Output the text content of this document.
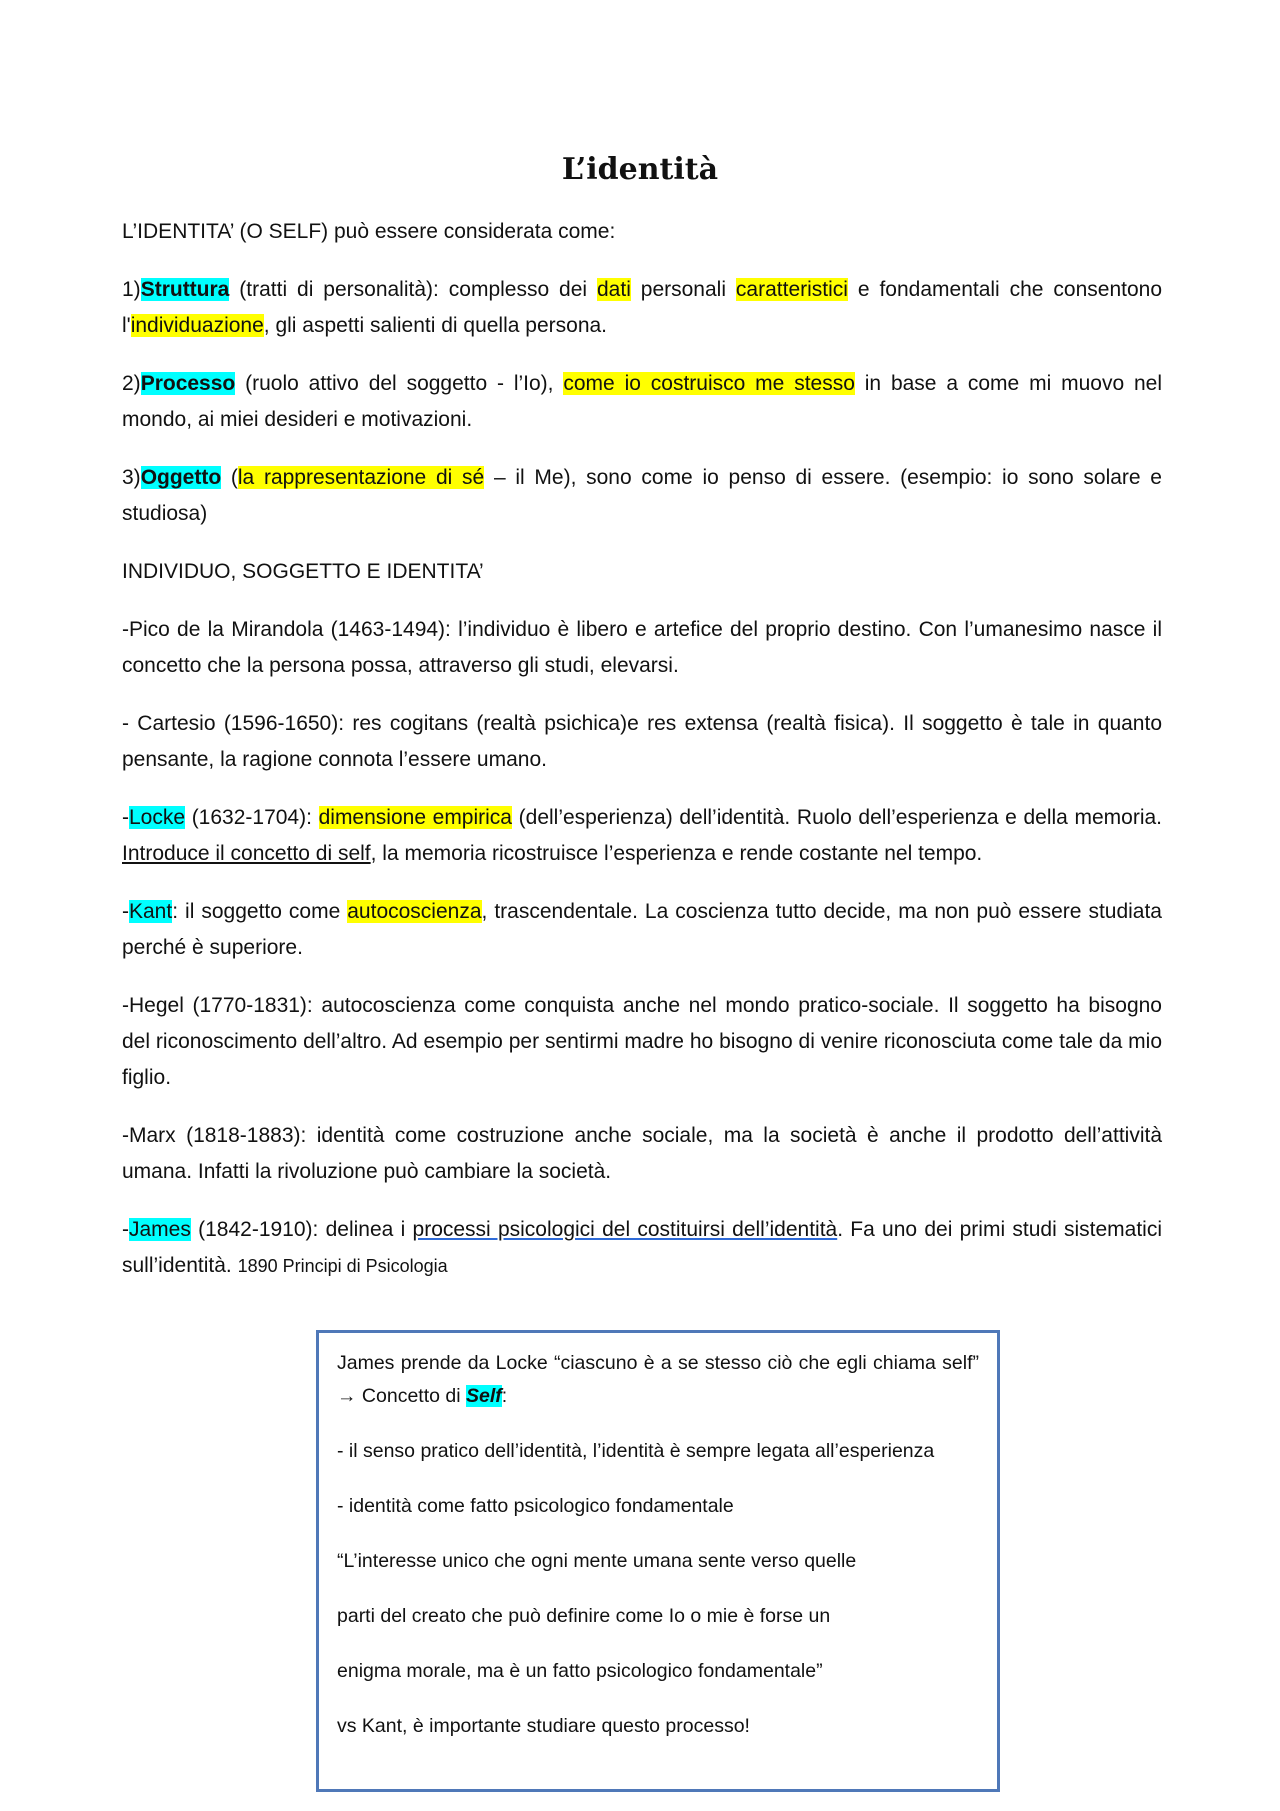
L’identità

L’IDENTITA’ (O SELF) può essere considerata come:

1)Struttura (tratti di personalità): complesso dei dati personali caratteristici e fondamentali che consentono l'individuazione, gli aspetti salienti di quella persona.

2)Processo (ruolo attivo del soggetto - l’Io), come io costruisco me stesso in base a come mi muovo nel mondo, ai miei desideri e motivazioni.

3)Oggetto (la rappresentazione di sé – il Me), sono come io penso di essere. (esempio: io sono solare e studiosa)

INDIVIDUO, SOGGETTO E IDENTITA’

-Pico de la Mirandola (1463-1494): l’individuo è libero e artefice del proprio destino. Con l’umanesimo nasce il concetto che la persona possa, attraverso gli studi, elevarsi.

- Cartesio (1596-1650): res cogitans (realtà psichica)e res extensa (realtà fisica). Il soggetto è tale in quanto pensante, la ragione connota l’essere umano.

-Locke (1632-1704): dimensione empirica (dell’esperienza) dell’identità. Ruolo dell’esperienza e della memoria. Introduce il concetto di self, la memoria ricostruisce l’esperienza e rende costante nel tempo.

-Kant: il soggetto come autocoscienza, trascendentale. La coscienza tutto decide, ma non può essere studiata perché è superiore.

-Hegel (1770-1831): autocoscienza come conquista anche nel mondo pratico-sociale. Il soggetto ha bisogno del riconoscimento dell’altro. Ad esempio per sentirmi madre ho bisogno di venire riconosciuta come tale da mio figlio.

-Marx (1818-1883): identità come costruzione anche sociale, ma la società è anche il prodotto dell’attività umana. Infatti la rivoluzione può cambiare la società.

-James (1842-1910): delinea i processi psicologici del costituirsi dell’identità. Fa uno dei primi studi sistematici sull’identità. 1890 Principi di Psicologia

James prende da Locke “ciascuno è a se stesso ciò che egli chiama self” → Concetto di Self:

- il senso pratico dell’identità, l’identità è sempre legata all’esperienza

- identità come fatto psicologico fondamentale

“L’interesse unico che ogni mente umana sente verso quelle

parti del creato che può definire come Io o mie è forse un

enigma morale, ma è un fatto psicologico fondamentale”

vs Kant, è importante studiare questo processo!
